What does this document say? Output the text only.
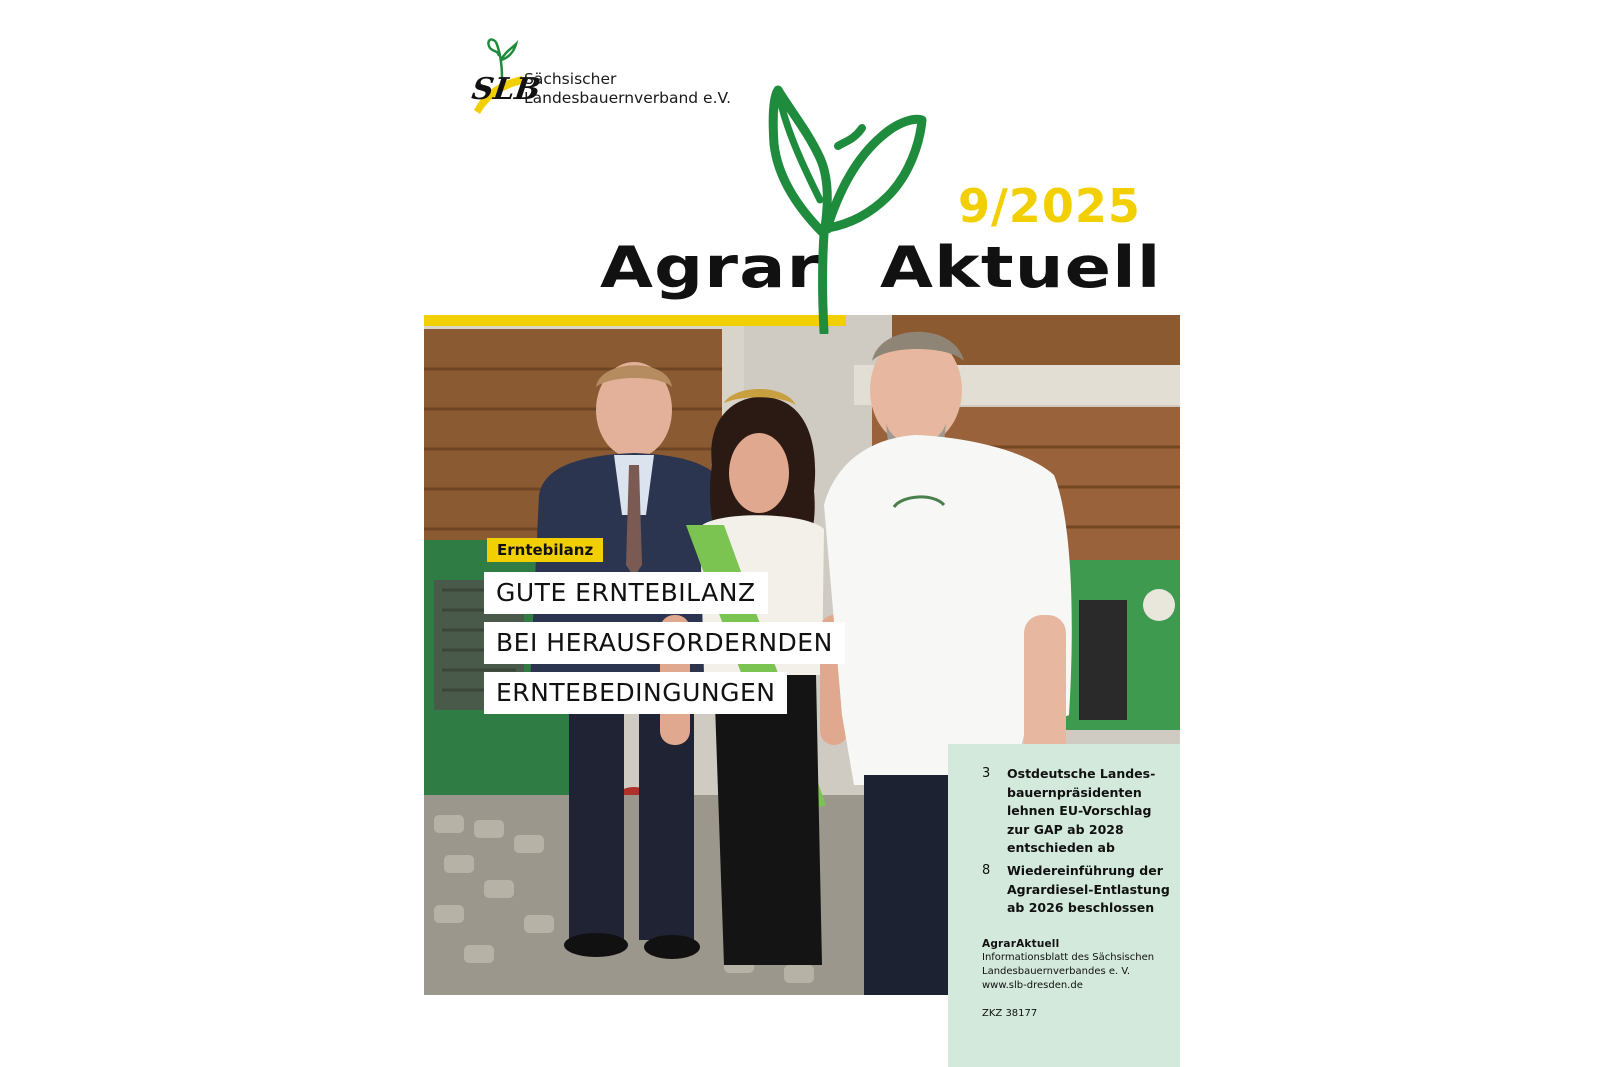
SLB
Sächsischer
Landesbauernverband e.V.
9/2025
Agrar Aktuell
Erntebilanz
GUTE ERNTEBILANZ
BEI HERAUSFORDERNDEN
ERNTEBEDINGUNGEN
3	Ostdeutsche Landes-
bauernpräsidenten
lehnen EU-Vorschlag
zur GAP ab 2028
entschieden ab
8	Wiedereinführung der
Agrardiesel-Entlastung
ab 2026 beschlossen
AgrarAktuell
Informationsblatt des Sächsischen
Landesbauernverbandes e. V.
www.slb-dresden.de
ZKZ 38177
